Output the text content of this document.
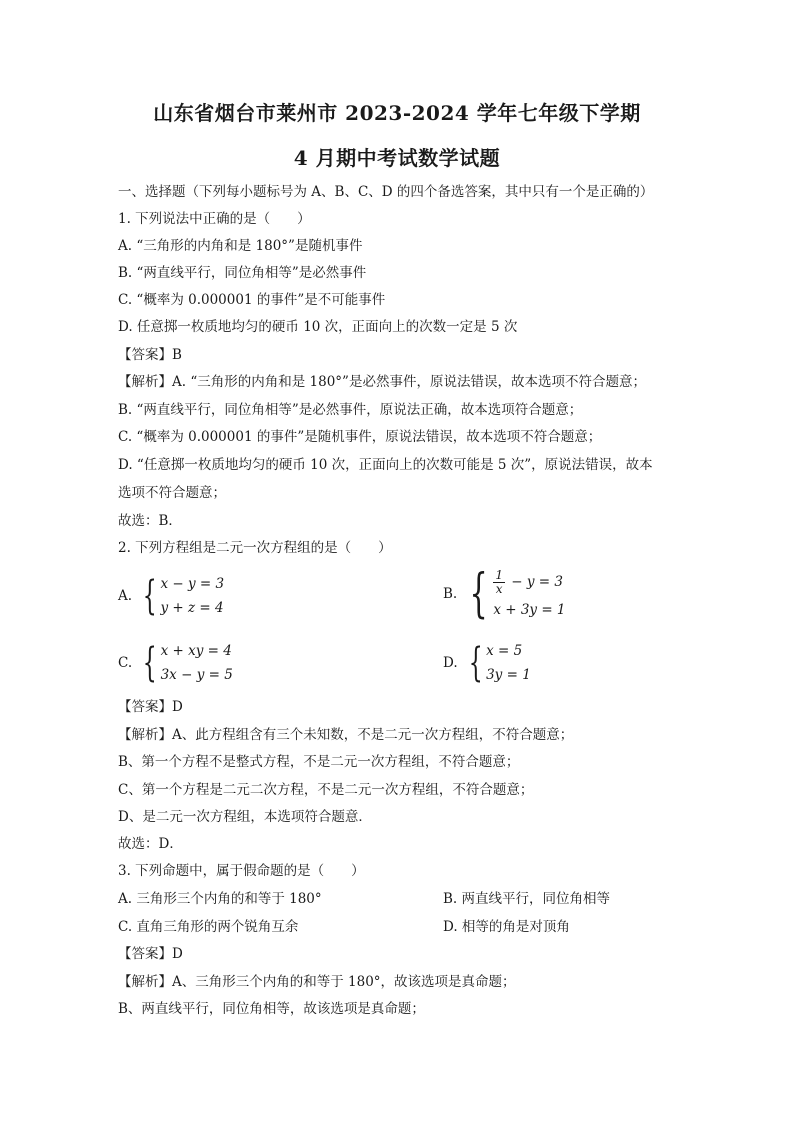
山东省烟台市莱州市 2023-2024 学年七年级下学期
4 月期中考试数学试题
一、选择题（下列每小题标号为 A、B、C、D 的四个备选答案，其中只有一个是正确的）
1. 下列说法中正确的是（　　）
A. “三角形的内角和是 180°”是随机事件
B. “两直线平行，同位角相等”是必然事件
C. “概率为 0.000001 的事件”是不可能事件
D. 任意掷一枚质地均匀的硬币 10 次，正面向上的次数一定是 5 次
【答案】B
【解析】A. “三角形的内角和是 180°”是必然事件，原说法错误，故本选项不符合题意；
B. “两直线平行，同位角相等”是必然事件，原说法正确，故本选项符合题意；
C. “概率为 0.000001 的事件”是随机事件，原说法错误，故本选项不符合题意；
D. “任意掷一枚质地均匀的硬币 10 次，正面向上的次数可能是 5 次”，原说法错误，故本
选项不符合题意；
故选：B．
2. 下列方程组是二元一次方程组的是（　　）
A. { x − y = 3
y + z = 4
B. { $\frac{1}{x} - y = 3$
x + 3y = 1
C. { x + xy = 4
3x − y = 5
D. { x = 5
3y = 1
【答案】D
【解析】A、此方程组含有三个未知数，不是二元一次方程组，不符合题意；
B、第一个方程不是整式方程，不是二元一次方程组，不符合题意；
C、第一个方程是二元二次方程，不是二元一次方程组，不符合题意；
D、是二元一次方程组，本选项符合题意．
故选：D．
3. 下列命题中，属于假命题的是（　　）
A. 三角形三个内角的和等于 180°	B. 两直线平行，同位角相等
C. 直角三角形的两个锐角互余	D. 相等的角是对顶角
【答案】D
【解析】A、三角形三个内角的和等于 180°，故该选项是真命题；
B、两直线平行，同位角相等，故该选项是真命题；
